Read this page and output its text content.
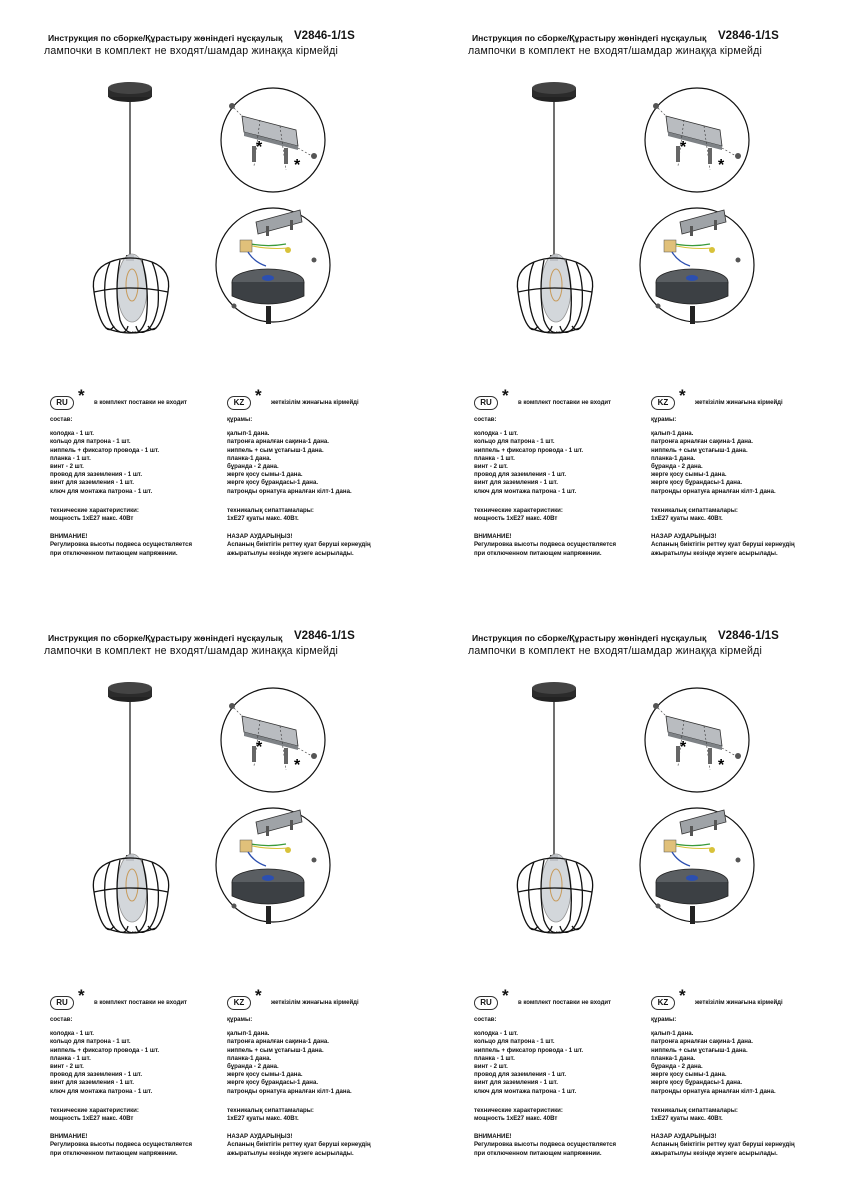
Инструкция по сборке/Құрастыру жөніндегі нұсқаулық V2846-1/1S
лампочки в комплект не входят/шамдар жинаққа кірмейді
*
*
RU * в комплект поставки не входит
состав:
колодка - 1 шт.
кольцо для патрона - 1 шт.
ниппель + фиксатор провода - 1 шт.
планка - 1 шт.
винт - 2 шт.
провод для заземления - 1 шт.
винт для заземления - 1 шт.
ключ для монтажа патрона - 1 шт.
технические характеристики:
мощность 1хЕ27 макс. 40Вт
ВНИМАНИЕ!
Регулировка высоты подвеса осуществляется
при отключенном питающем напряжении.
KZ * жеткізілім жинағына кірмейді
құрамы:
қалып-1 дана.
патронға арналған сақина-1 дана.
ниппель + сым ұстағыш-1 дана.
планка-1 дана.
бұранда - 2 дана.
жерге қосу сымы-1 дана.
жерге қосу бұрандасы-1 дана.
патронды орнатуға арналған кілт-1 дана.
техникалық сипаттамалары:
1хЕ27 қуаты макс. 40Вт.
НАЗАР АУДАРЫҢЫЗ!
Аспаның биіктігін реттеу қуат беруші кернеудің
ажыратылуы кезінде жүзеге асырылады.
Инструкция по сборке/Құрастыру жөніндегі нұсқаулық V2846-1/1S
лампочки в комплект не входят/шамдар жинаққа кірмейді
*
*
RU * в комплект поставки не входит
состав:
колодка - 1 шт.
кольцо для патрона - 1 шт.
ниппель + фиксатор провода - 1 шт.
планка - 1 шт.
винт - 2 шт.
провод для заземления - 1 шт.
винт для заземления - 1 шт.
ключ для монтажа патрона - 1 шт.
технические характеристики:
мощность 1хЕ27 макс. 40Вт
ВНИМАНИЕ!
Регулировка высоты подвеса осуществляется
при отключенном питающем напряжении.
KZ * жеткізілім жинағына кірмейді
құрамы:
қалып-1 дана.
патронға арналған сақина-1 дана.
ниппель + сым ұстағыш-1 дана.
планка-1 дана.
бұранда - 2 дана.
жерге қосу сымы-1 дана.
жерге қосу бұрандасы-1 дана.
патронды орнатуға арналған кілт-1 дана.
техникалық сипаттамалары:
1хЕ27 қуаты макс. 40Вт.
НАЗАР АУДАРЫҢЫЗ!
Аспаның биіктігін реттеу қуат беруші кернеудің
ажыратылуы кезінде жүзеге асырылады.
Инструкция по сборке/Құрастыру жөніндегі нұсқаулық V2846-1/1S
лампочки в комплект не входят/шамдар жинаққа кірмейді
*
*
RU * в комплект поставки не входит
состав:
колодка - 1 шт.
кольцо для патрона - 1 шт.
ниппель + фиксатор провода - 1 шт.
планка - 1 шт.
винт - 2 шт.
провод для заземления - 1 шт.
винт для заземления - 1 шт.
ключ для монтажа патрона - 1 шт.
технические характеристики:
мощность 1хЕ27 макс. 40Вт
ВНИМАНИЕ!
Регулировка высоты подвеса осуществляется
при отключенном питающем напряжении.
KZ * жеткізілім жинағына кірмейді
құрамы:
қалып-1 дана.
патронға арналған сақина-1 дана.
ниппель + сым ұстағыш-1 дана.
планка-1 дана.
бұранда - 2 дана.
жерге қосу сымы-1 дана.
жерге қосу бұрандасы-1 дана.
патронды орнатуға арналған кілт-1 дана.
техникалық сипаттамалары:
1хЕ27 қуаты макс. 40Вт.
НАЗАР АУДАРЫҢЫЗ!
Аспаның биіктігін реттеу қуат беруші кернеудің
ажыратылуы кезінде жүзеге асырылады.
Инструкция по сборке/Құрастыру жөніндегі нұсқаулық V2846-1/1S
лампочки в комплект не входят/шамдар жинаққа кірмейді
*
*
RU * в комплект поставки не входит
состав:
колодка - 1 шт.
кольцо для патрона - 1 шт.
ниппель + фиксатор провода - 1 шт.
планка - 1 шт.
винт - 2 шт.
провод для заземления - 1 шт.
винт для заземления - 1 шт.
ключ для монтажа патрона - 1 шт.
технические характеристики:
мощность 1хЕ27 макс. 40Вт
ВНИМАНИЕ!
Регулировка высоты подвеса осуществляется
при отключенном питающем напряжении.
KZ * жеткізілім жинағына кірмейді
құрамы:
қалып-1 дана.
патронға арналған сақина-1 дана.
ниппель + сым ұстағыш-1 дана.
планка-1 дана.
бұранда - 2 дана.
жерге қосу сымы-1 дана.
жерге қосу бұрандасы-1 дана.
патронды орнатуға арналған кілт-1 дана.
техникалық сипаттамалары:
1хЕ27 қуаты макс. 40Вт.
НАЗАР АУДАРЫҢЫЗ!
Аспаның биіктігін реттеу қуат беруші кернеудің
ажыратылуы кезінде жүзеге асырылады.
